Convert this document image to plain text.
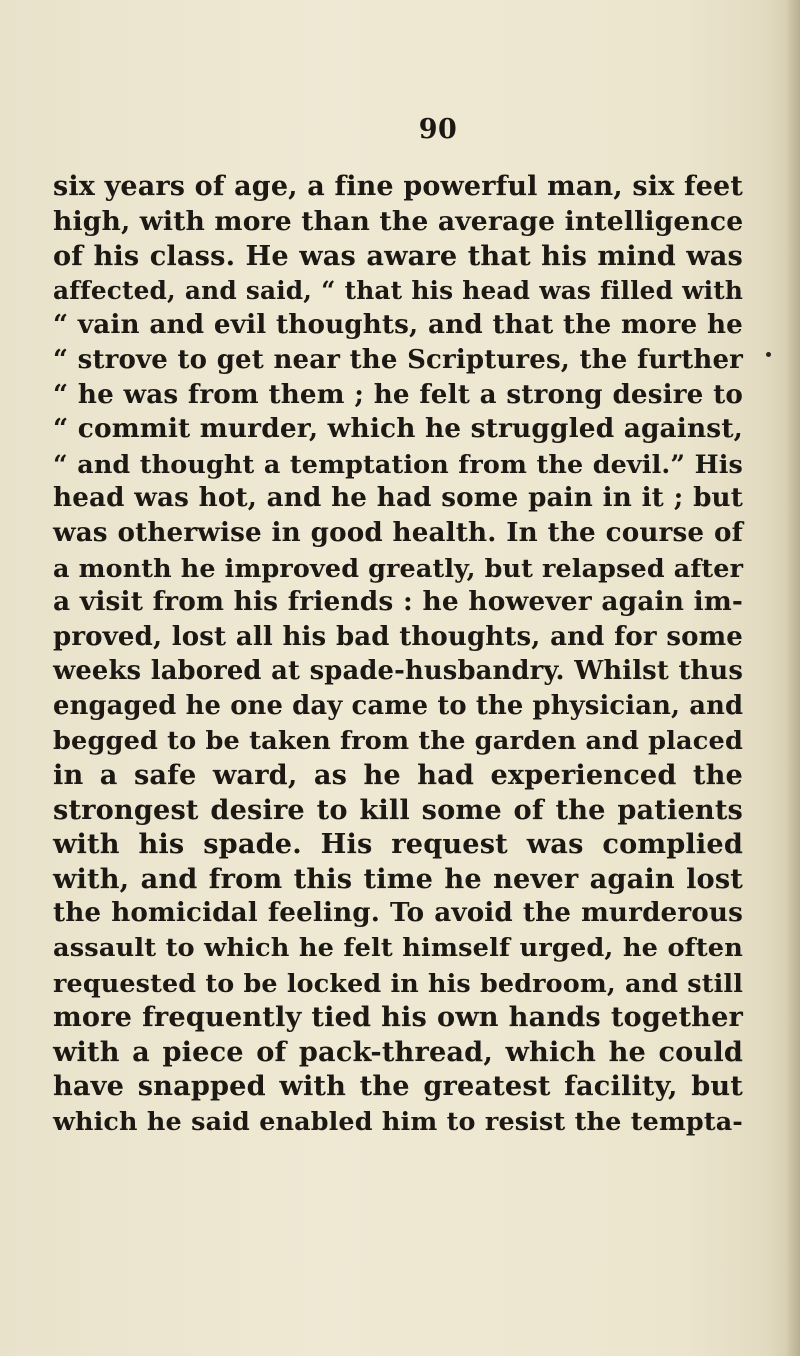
90
six years of age, a fine powerful man, six feet
high, with more than the average intelligence
of his class. He was aware that his mind was
affected, and said, “ that his head was filled with
“ vain and evil thoughts, and that the more he
“ strove to get near the Scriptures, the further
“ he was from them ; he felt a strong desire to
“ commit murder, which he struggled against,
“ and thought a temptation from the devil.” His
head was hot, and he had some pain in it ; but
was otherwise in good health. In the course of
a month he improved greatly, but relapsed after
a visit from his friends : he however again im-
proved, lost all his bad thoughts, and for some
weeks labored at spade-husbandry. Whilst thus
engaged he one day came to the physician, and
begged to be taken from the garden and placed
in a safe ward, as he had experienced the
strongest desire to kill some of the patients
with his spade. His request was complied
with, and from this time he never again lost
the homicidal feeling. To avoid the murderous
assault to which he felt himself urged, he often
requested to be locked in his bedroom, and still
more frequently tied his own hands together
with a piece of pack-thread, which he could
have snapped with the greatest facility, but
which he said enabled him to resist the tempta-
